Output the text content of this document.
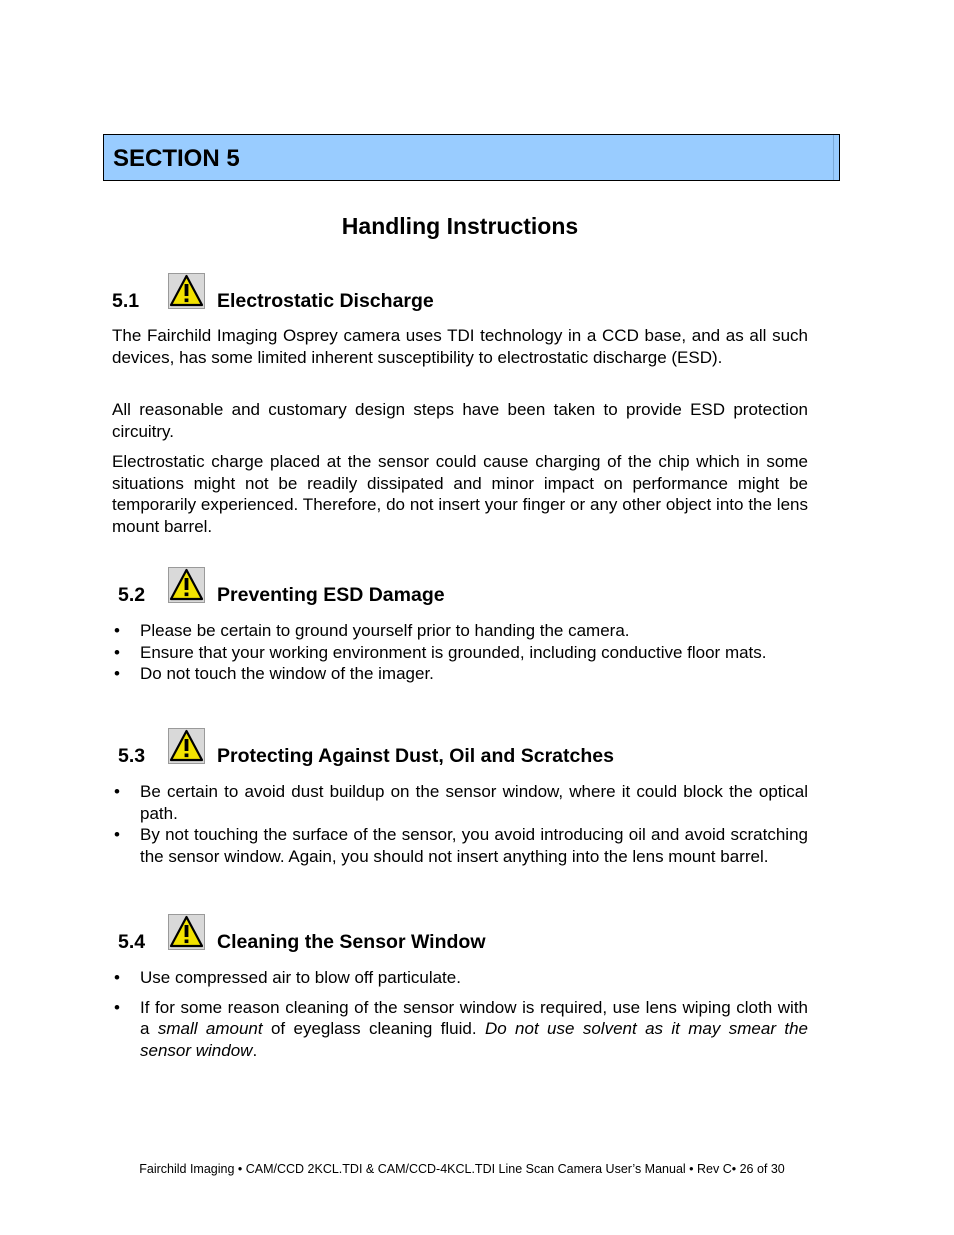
SECTION 5
Handling Instructions
5.1	Electrostatic Discharge

The Fairchild Imaging Osprey camera uses TDI technology in a CCD base, and as all such devices, has some limited inherent susceptibility to electrostatic discharge (ESD).

All reasonable and customary design steps have been taken to provide ESD protection circuitry.

Electrostatic charge placed at the sensor could cause charging of the chip which in some situations might not be readily dissipated and minor impact on performance might be temporarily experienced. Therefore, do not insert your finger or any other object into the lens mount barrel.

5.2	Preventing ESD Damage
• Please be certain to ground yourself prior to handing the camera.
• Ensure that your working environment is grounded, including conductive floor mats.
• Do not touch the window of the imager.
5.3	Protecting Against Dust, Oil and Scratches
• Be certain to avoid dust buildup on the sensor window, where it could block the optical path.
• By not touching the surface of the sensor, you avoid introducing oil and avoid scratching the sensor window. Again, you should not insert anything into the lens mount barrel.
5.4	Cleaning the Sensor Window
• Use compressed air to blow off particulate.
• If for some reason cleaning of the sensor window is required, use lens wiping cloth with a small amount of eyeglass cleaning fluid. Do not use solvent as it may smear the sensor window.
Fairchild Imaging • CAM/CCD 2KCL.TDI & CAM/CCD-4KCL.TDI Line Scan Camera User’s Manual • Rev C• 26 of 30
